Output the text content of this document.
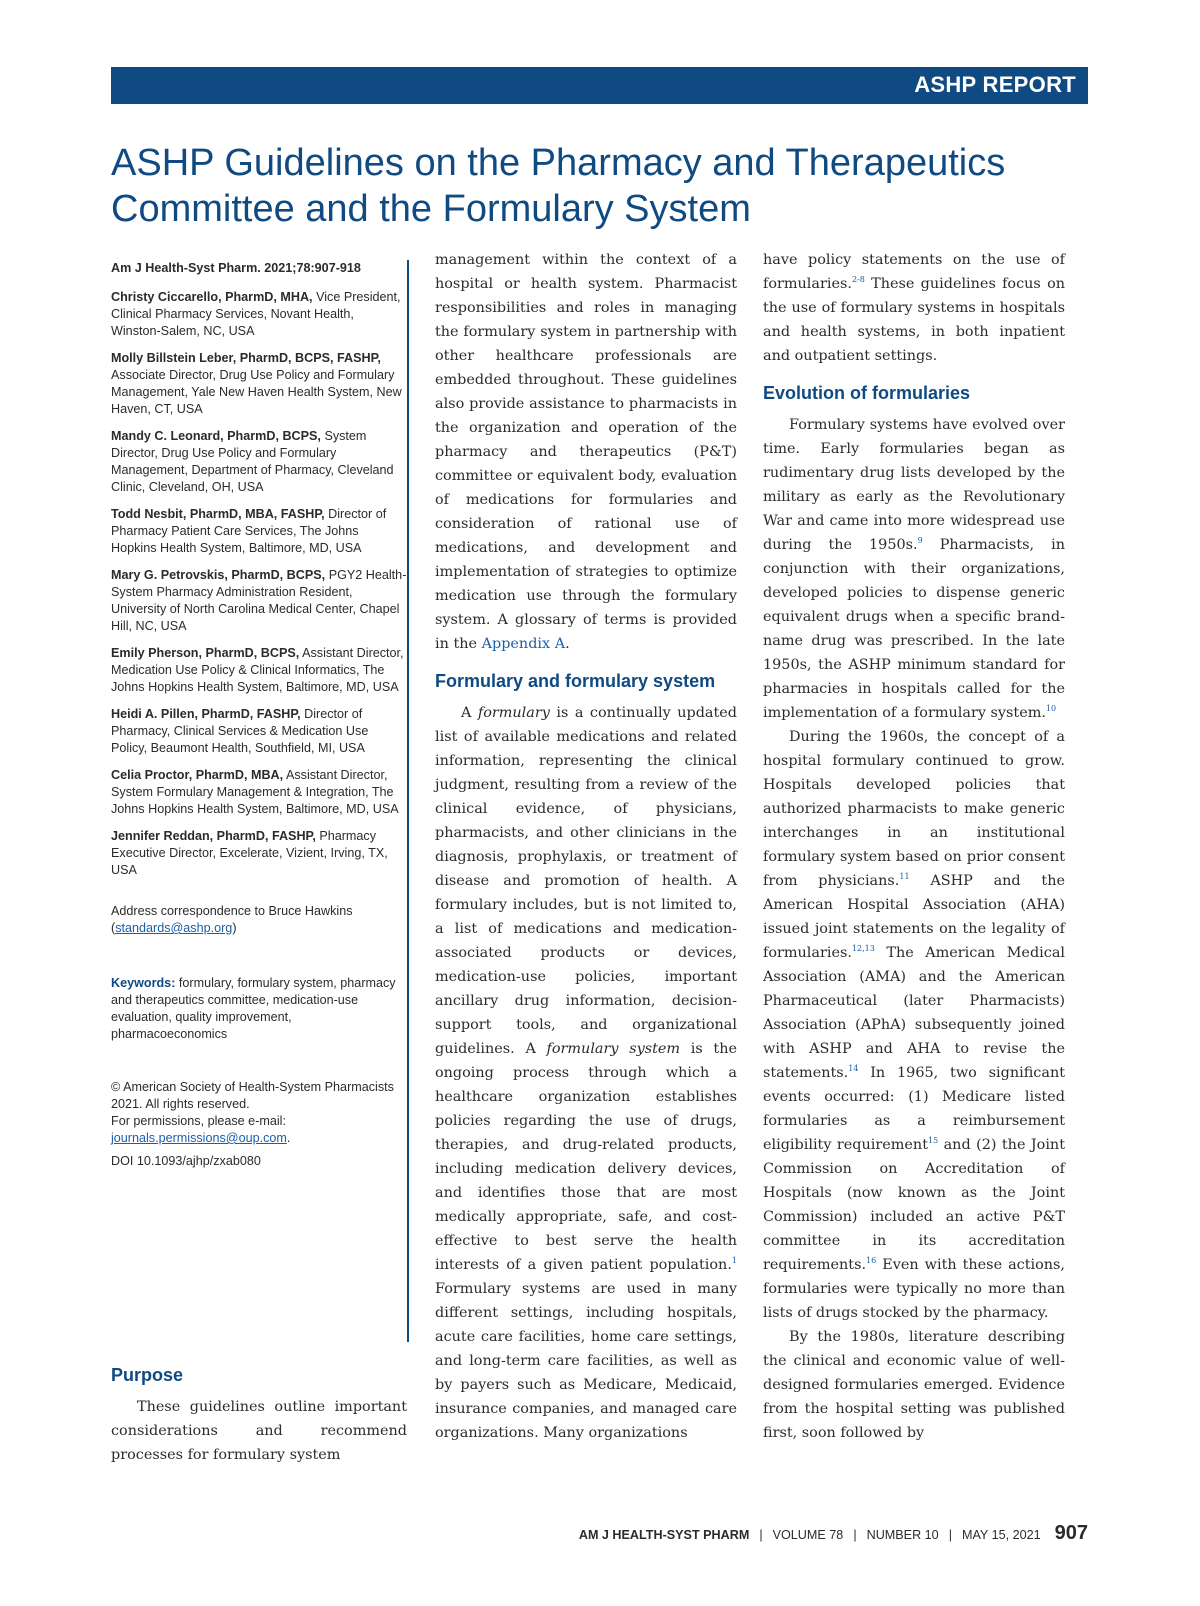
ASHP REPORT
ASHP Guidelines on the Pharmacy and Therapeutics Committee and the Formulary System

Am J Health-Syst Pharm. 2021;78:907-918

Christy Ciccarello, PharmD, MHA, Vice President, Clinical Pharmacy Services, Novant Health, Winston-Salem, NC, USA

Molly Billstein Leber, PharmD, BCPS, FASHP, Associate Director, Drug Use Policy and Formulary Management, Yale New Haven Health System, New Haven, CT, USA

Mandy C. Leonard, PharmD, BCPS, System Director, Drug Use Policy and Formulary Management, Department of Pharmacy, Cleveland Clinic, Cleveland, OH, USA

Todd Nesbit, PharmD, MBA, FASHP, Director of Pharmacy Patient Care Services, The Johns Hopkins Health System, Baltimore, MD, USA

Mary G. Petrovskis, PharmD, BCPS, PGY2 Health-System Pharmacy Administration Resident, University of North Carolina Medical Center, Chapel Hill, NC, USA

Emily Pherson, PharmD, BCPS, Assistant Director, Medication Use Policy & Clinical Informatics, The Johns Hopkins Health System, Baltimore, MD, USA

Heidi A. Pillen, PharmD, FASHP, Director of Pharmacy, Clinical Services & Medication Use Policy, Beaumont Health, Southfield, MI, USA

Celia Proctor, PharmD, MBA, Assistant Director, System Formulary Management & Integration, The Johns Hopkins Health System, Baltimore, MD, USA

Jennifer Reddan, PharmD, FASHP, Pharmacy Executive Director, Excelerate, Vizient, Irving, TX, USA

Address correspondence to Bruce Hawkins (standards@ashp.org)

Keywords: formulary, formulary system, pharmacy and therapeutics committee, medication-use evaluation, quality improvement, pharmacoeconomics

© American Society of Health-System Pharmacists 2021. All rights reserved.
For permissions, please e-mail: journals.permissions@oup.com.

DOI 10.1093/ajhp/zxab080

Purpose

These guidelines outline important considerations and recommend processes for formulary system

management within the context of a hospital or health system. Pharmacist responsibilities and roles in managing the formulary system in partnership with other healthcare professionals are embedded throughout. These guidelines also provide assistance to pharmacists in the organization and operation of the pharmacy and therapeutics (P&T) committee or equivalent body, evaluation of medications for formularies and consideration of rational use of medications, and development and implementation of strategies to optimize medication use through the formulary system. A glossary of terms is provided in the Appendix A.

Formulary and formulary system

A formulary is a continually updated list of available medications and related information, representing the clinical judgment, resulting from a review of the clinical evidence, of physicians, pharmacists, and other clinicians in the diagnosis, prophylaxis, or treatment of disease and promotion of health. A formulary includes, but is not limited to, a list of medications and medication-associated products or devices, medication-use policies, important ancillary drug information, decision-support tools, and organizational guidelines. A formulary system is the ongoing process through which a healthcare organization establishes policies regarding the use of drugs, therapies, and drug-related products, including medication delivery devices, and identifies those that are most medically appropriate, safe, and cost-effective to best serve the health interests of a given patient population.$^1$ Formulary systems are used in many different settings, including hospitals, acute care facilities, home care settings, and long-term care facilities, as well as by payers such as Medicare, Medicaid, insurance companies, and managed care organizations. Many organizations

have policy statements on the use of formularies.$^{2-8}$ These guidelines focus on the use of formulary systems in hospitals and health systems, in both inpatient and outpatient settings.

Evolution of formularies

Formulary systems have evolved over time. Early formularies began as rudimentary drug lists developed by the military as early as the Revolutionary War and came into more widespread use during the 1950s.$^9$ Pharmacists, in conjunction with their organizations, developed policies to dispense generic equivalent drugs when a specific brand-name drug was prescribed. In the late 1950s, the ASHP minimum standard for pharmacies in hospitals called for the implementation of a formulary system.$^{10}$

During the 1960s, the concept of a hospital formulary continued to grow. Hospitals developed policies that authorized pharmacists to make generic interchanges in an institutional formulary system based on prior consent from physicians.$^{11}$ ASHP and the American Hospital Association (AHA) issued joint statements on the legality of formularies.$^{12,13}$ The American Medical Association (AMA) and the American Pharmaceutical (later Pharmacists) Association (APhA) subsequently joined with ASHP and AHA to revise the statements.$^{14}$ In 1965, two significant events occurred: (1) Medicare listed formularies as a reimbursement eligibility requirement$^{15}$ and (2) the Joint Commission on Accreditation of Hospitals (now known as the Joint Commission) included an active P&T committee in its accreditation requirements.$^{16}$ Even with these actions, formularies were typically no more than lists of drugs stocked by the pharmacy.

By the 1980s, literature describing the clinical and economic value of well-designed formularies emerged. Evidence from the hospital setting was published first, soon followed by

AM J HEALTH-SYST PHARM | VOLUME 78 | NUMBER 10 | MAY 15, 2021 907
